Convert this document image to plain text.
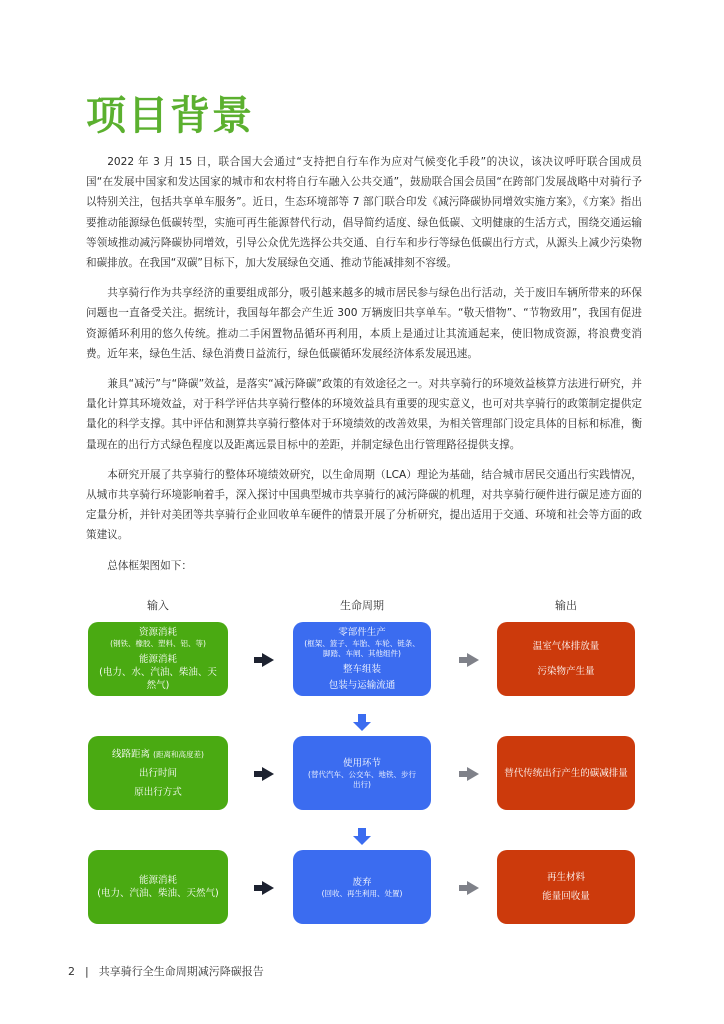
项目背景

2022 年 3 月 15 日，联合国大会通过“支持把自行车作为应对气候变化手段”的决议，该决议呼吁联合国成员国“在发展中国家和发达国家的城市和农村将自行车融入公共交通”，鼓励联合国会员国“在跨部门发展战略中对骑行予以特别关注，包括共享单车服务”。近日，生态环境部等 7 部门联合印发《减污降碳协同增效实施方案》，《方案》指出要推动能源绿色低碳转型，实施可再生能源替代行动，倡导简约适度、绿色低碳、文明健康的生活方式，围绕交通运输等领域推动减污降碳协同增效，引导公众优先选择公共交通、自行车和步行等绿色低碳出行方式，从源头上减少污染物和碳排放。在我国“双碳”目标下，加大发展绿色交通、推动节能减排刻不容缓。

共享骑行作为共享经济的重要组成部分，吸引越来越多的城市居民参与绿色出行活动，关于废旧车辆所带来的环保问题也一直备受关注。据统计，我国每年都会产生近 300 万辆废旧共享单车。“敬天惜物”、“节物致用”，我国有促进资源循环利用的悠久传统。推动二手闲置物品循环再利用，本质上是通过让其流通起来，使旧物成资源，将浪费变消费。近年来，绿色生活、绿色消费日益流行，绿色低碳循环发展经济体系发展迅速。

兼具“减污”与“降碳”效益，是落实“减污降碳”政策的有效途径之一。对共享骑行的环境效益核算方法进行研究，并量化计算其环境效益，对于科学评估共享骑行整体的环境效益具有重要的现实意义，也可对共享骑行的政策制定提供定量化的科学支撑。其中评估和测算共享骑行整体对于环境绩效的改善效果，为相关管理部门设定具体的目标和标准，衡量现在的出行方式绿色程度以及距离远景目标中的差距，并制定绿色出行管理路径提供支撑。

本研究开展了共享骑行的整体环境绩效研究，以生命周期（LCA）理论为基础，结合城市居民交通出行实践情况，从城市共享骑行环境影响着手，深入探讨中国典型城市共享骑行的减污降碳的机理，对共享骑行硬件进行碳足迹方面的定量分析，并针对美团等共享骑行企业回收单车硬件的情景开展了分析研究，提出适用于交通、环境和社会等方面的政策建议。

总体框架图如下：

输入	生命周期	输出
资源消耗
(钢铁、橡胶、塑料、铝、等)
能源消耗
(电力、水、汽油、柴油、天
然气)
零部件生产
(框架、篮子、车胎、车轮、链条、
脚踏、车闸、其他组件)
整车组装
包装与运输流通
温室气体排放量
污染物产生量
线路距离 (距离和高度差)
出行时间
原出行方式
使用环节
(替代汽车、公交车、地铁、步行
出行)
替代传统出行产生的碳减排量
能源消耗
(电力、汽油、柴油、天然气)
废弃
(回收、再生利用、处置)
再生材料
能量回收量
2 | 共享骑行全生命周期减污降碳报告
